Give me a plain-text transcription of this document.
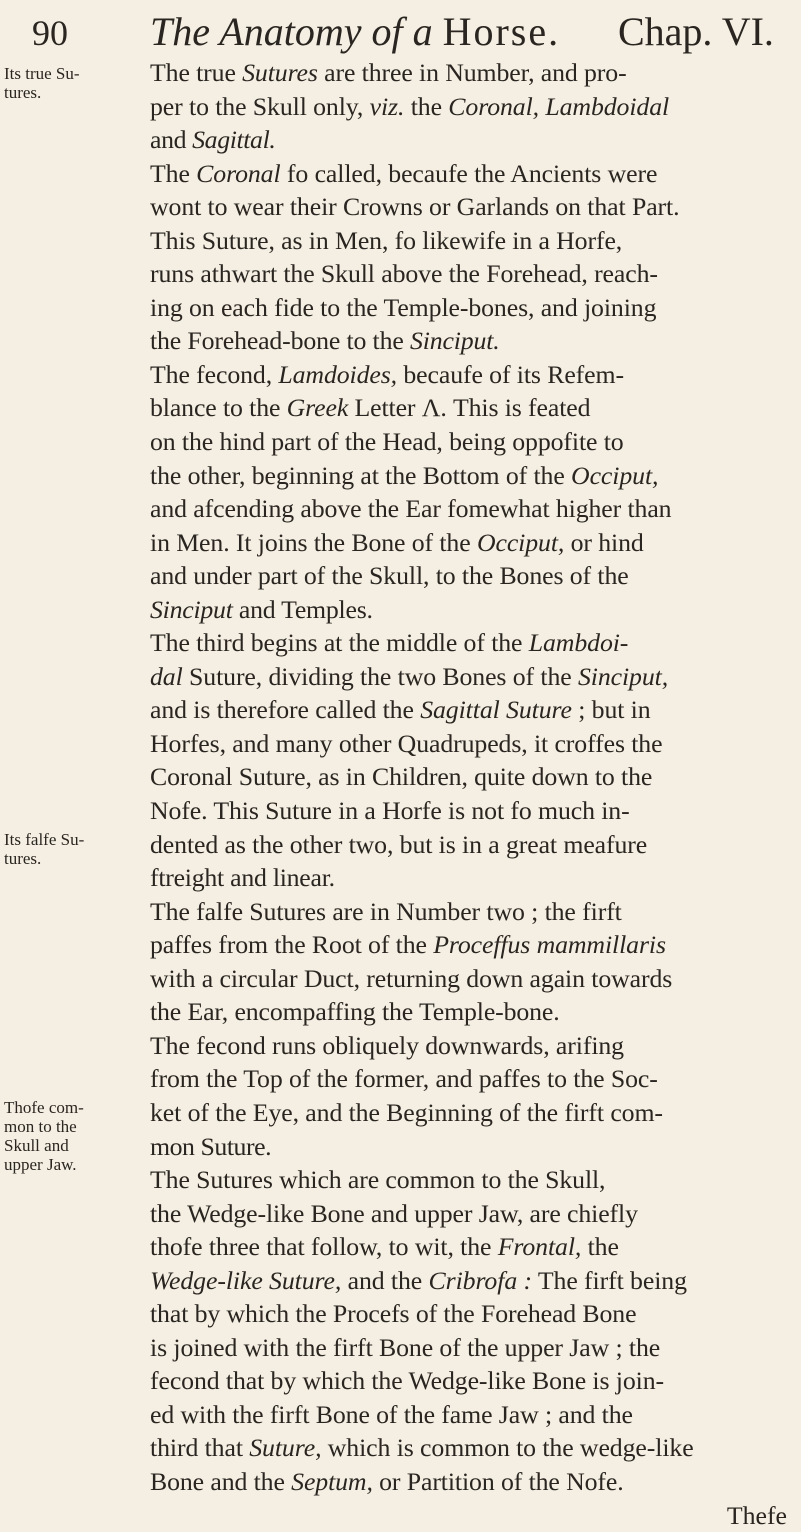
90 The Anatomy of a Horse. Chap. VI.
Its true Su-
tures.
Its falfe Su-
tures.
Thofe com-
mon to the
Skull and
upper Jaw.
The true Sutures are three in Number, and pro-
per to the Skull only, viz. the Coronal, Lambdoidal
and Sagittal.
The Coronal fo called, becaufe the Ancients were
wont to wear their Crowns or Garlands on that Part.
This Suture, as in Men, fo likewife in a Horfe,
runs athwart the Skull above the Forehead, reach-
ing on each fide to the Temple-bones, and joining
the Forehead-bone to the Sinciput.
The fecond, Lamdoides, becaufe of its Refem-
blance to the Greek Letter Λ. This is feated
on the hind part of the Head, being oppofite to
the other, beginning at the Bottom of the Occiput,
and afcending above the Ear fomewhat higher than
in Men. It joins the Bone of the Occiput, or hind
and under part of the Skull, to the Bones of the
Sinciput and Temples.
The third begins at the middle of the Lambdoi-
dal Suture, dividing the two Bones of the Sinciput,
and is therefore called the Sagittal Suture ; but in
Horfes, and many other Quadrupeds, it croffes the
Coronal Suture, as in Children, quite down to the
Nofe. This Suture in a Horfe is not fo much in-
dented as the other two, but is in a great meafure
ftreight and linear.
The falfe Sutures are in Number two ; the firft
paffes from the Root of the Proceffus mammillaris
with a circular Duct, returning down again towards
the Ear, encompaffing the Temple-bone.
The fecond runs obliquely downwards, arifing
from the Top of the former, and paffes to the Soc-
ket of the Eye, and the Beginning of the firft com-
mon Suture.
The Sutures which are common to the Skull,
the Wedge-like Bone and upper Jaw, are chiefly
thofe three that follow, to wit, the Frontal, the
Wedge-like Suture, and the Cribrofa : The firft being
that by which the Procefs of the Forehead Bone
is joined with the firft Bone of the upper Jaw ; the
fecond that by which the Wedge-like Bone is join-
ed with the firft Bone of the fame Jaw ; and the
third that Suture, which is common to the wedge-like
Bone and the Septum, or Partition of the Nofe.
Thefe
